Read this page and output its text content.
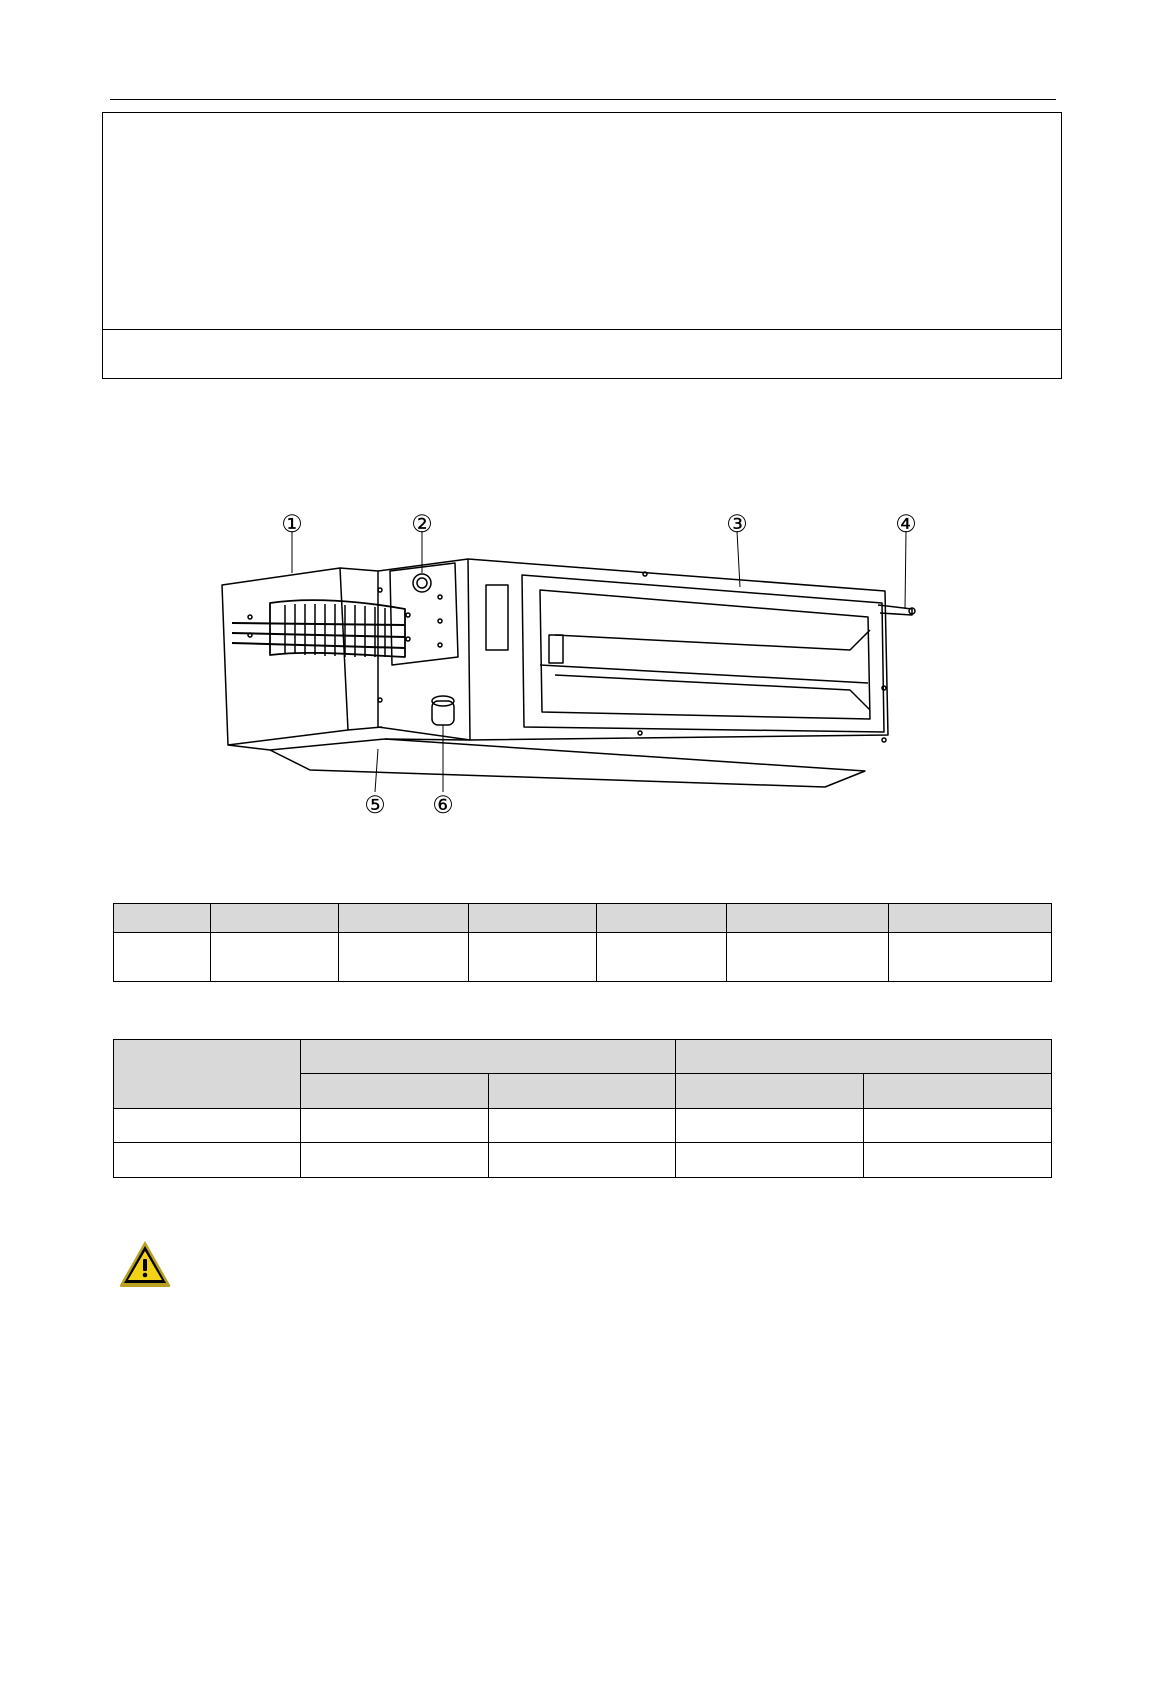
①	②	③	④
⑤ ⑥
